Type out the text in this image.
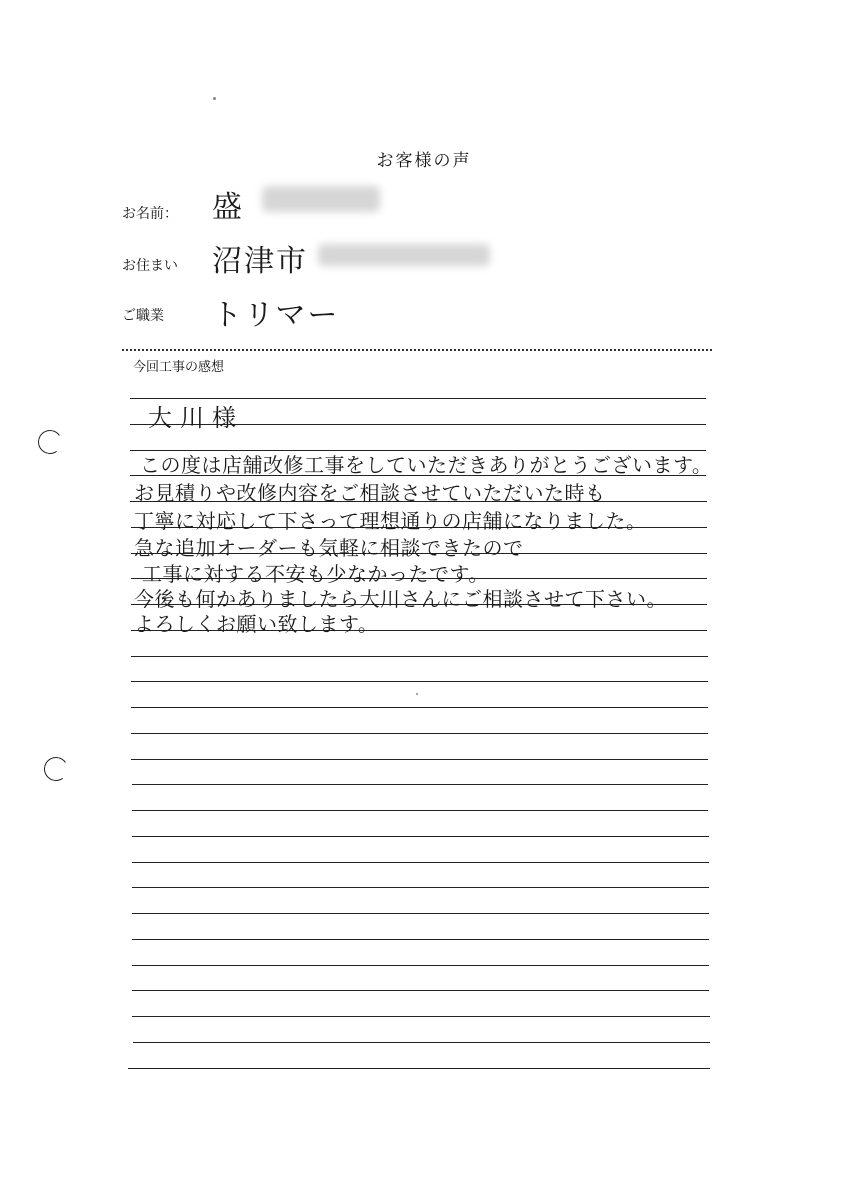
お客様の声
お名前： 盛
お住まい 沼津市
ご職業 トリマー
今回工事の感想
大川様
この度は店舗改修工事をしていただきありがとうございます。
お見積りや改修内容をご相談させていただいた時も
丁寧に対応して下さって理想通りの店舗になりました。
急な追加オーダーも気軽に相談できたので
工事に対する不安も少なかったです。
今後も何かありましたら大川さんにご相談させて下さい。
よろしくお願い致します。
